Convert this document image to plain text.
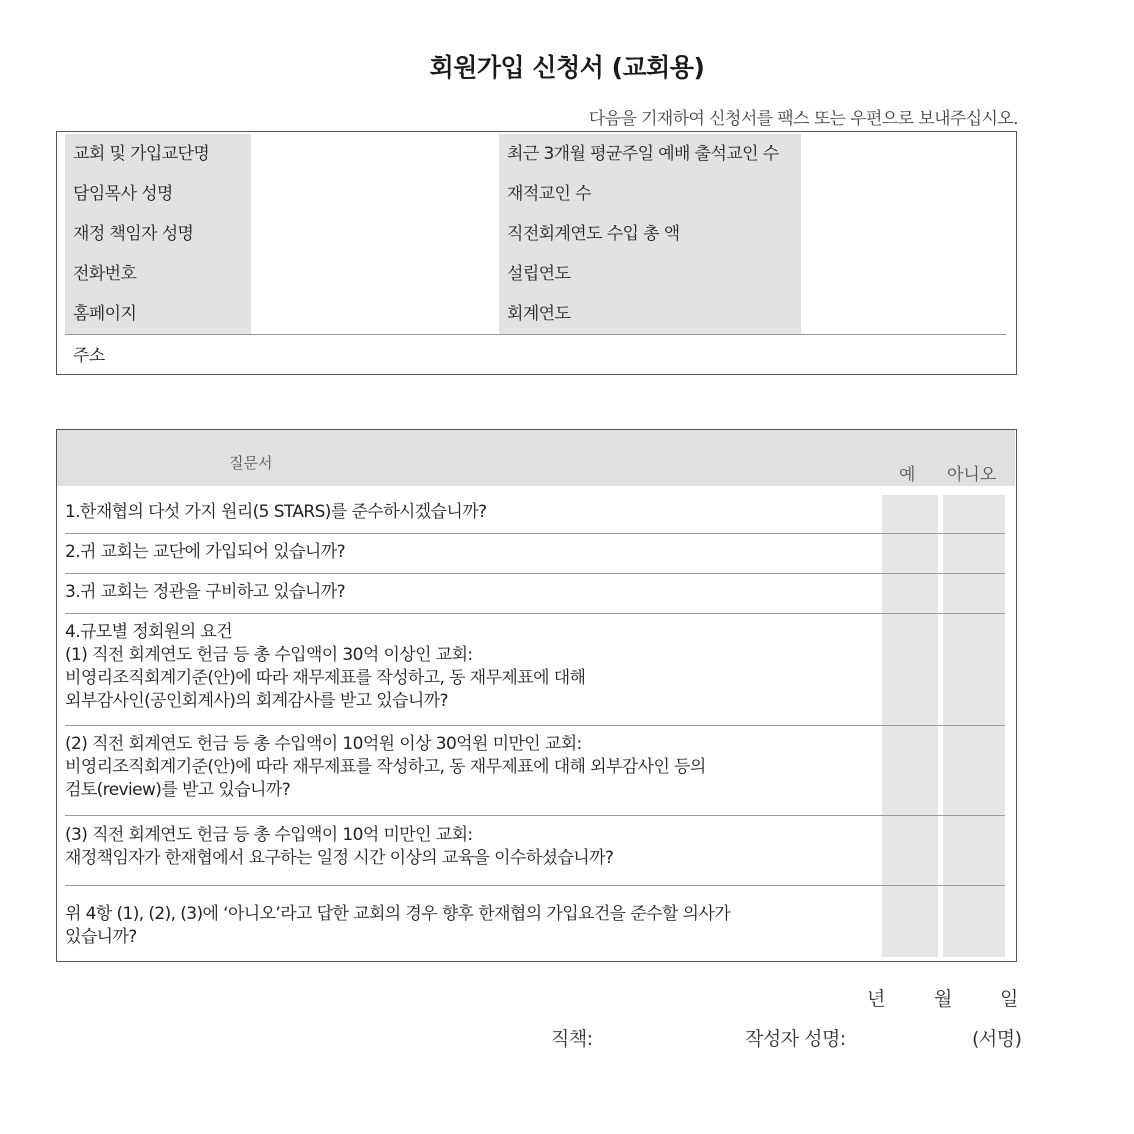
회원가입 신청서 (교회용)
다음을 기재하여 신청서를 팩스 또는 우편으로 보내주십시오.
교회 및 가입교단명	최근 3개월 평균주일 예배 출석교인 수
담임목사 성명	재적교인 수
재정 책임자 성명	직전회계연도 수입 총 액
전화번호	설립연도
홈페이지	회계연도
주소
질문서
예 아니오
1.한재협의 다섯 가지 원리(5 STARS)를 준수하시겠습니까?
2.귀 교회는 교단에 가입되어 있습니까?
3.귀 교회는 정관을 구비하고 있습니까?
4.규모별 정회원의 요건
(1) 직전 회계연도 헌금 등 총 수입액이 30억 이상인 교회:
비영리조직회계기준(안)에 따라 재무제표를 작성하고, 동 재무제표에 대해
외부감사인(공인회계사)의 회계감사를 받고 있습니까?
(2) 직전 회계연도 헌금 등 총 수입액이 10억원 이상 30억원 미만인 교회:
비영리조직회계기준(안)에 따라 재무제표를 작성하고, 동 재무제표에 대해 외부감사인 등의
검토(review)를 받고 있습니까?
(3) 직전 회계연도 헌금 등 총 수입액이 10억 미만인 교회:
재정책임자가 한재협에서 요구하는 일정 시간 이상의 교육을 이수하셨습니까?
위 4항 (1), (2), (3)에 ‘아니오’라고 답한 교회의 경우 향후 한재협의 가입요건을 준수할 의사가
있습니까?
년	월	일
직책:	작성자 성명:	(서명)
